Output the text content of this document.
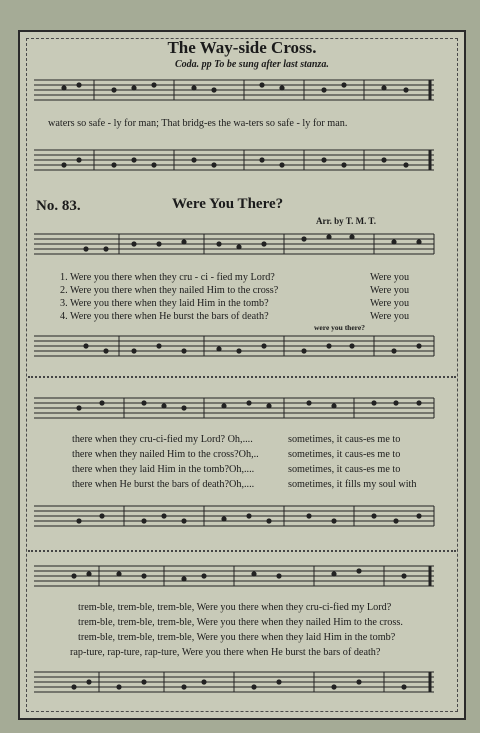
The Way-side Cross.
Coda. pp To be sung after last stanza.
waters so safe - ly for man; That bridg-es the wa-ters so safe - ly for man.
No. 83.	Were You There?
Arr. by T. M. T.
1. Were you there when they cru - ci - fied my Lord?	Were you
2. Were you there when they nailed Him to the cross?	Were you
3. Were you there when they laid Him in the tomb?	Were you
4. Were you there when He burst the bars of death?	Were you
were you there?
there when they cru-ci-fied my Lord? Oh,....	sometimes, it caus-es me to
there when they nailed Him to the cross?Oh,..	sometimes, it caus-es me to
there when they laid Him in the tomb?Oh,....	sometimes, it caus-es me to
there when He burst the bars of death?Oh,....	sometimes, it fills my soul with
trem-ble, trem-ble, trem-ble, Were you there when they cru-ci-fied my Lord?
trem-ble, trem-ble, trem-ble, Were you there when they nailed Him to the cross.
trem-ble, trem-ble, trem-ble, Were you there when they laid Him in the tomb?
rap-ture, rap-ture, rap-ture, Were you there when He burst the bars of death?
